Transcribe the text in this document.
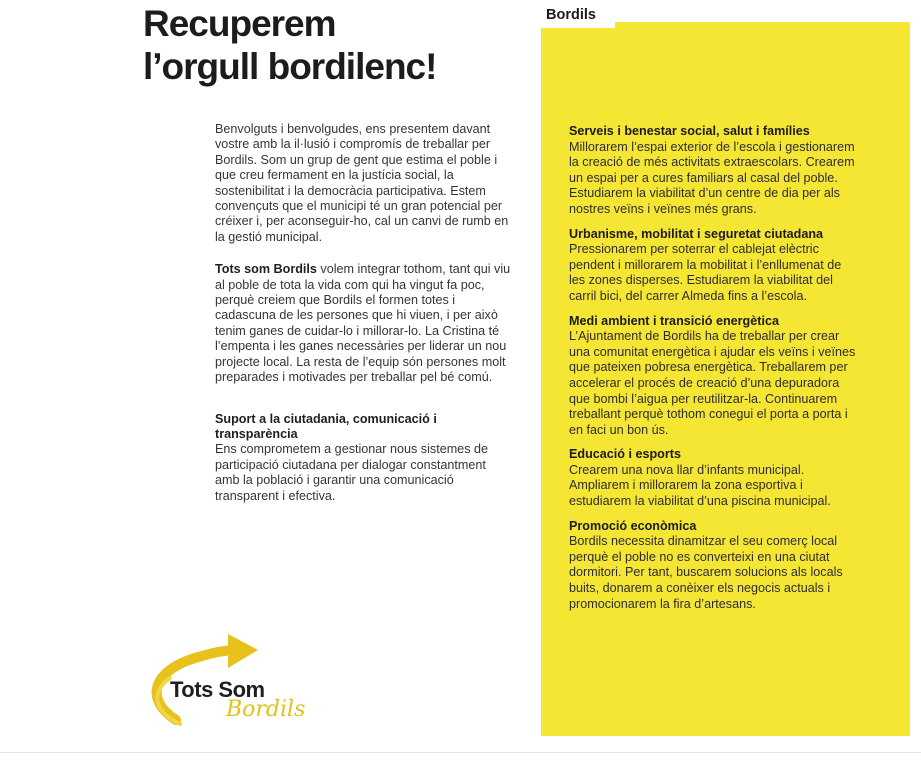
Recuperem
l’orgull bordilenc!

Benvolguts i benvolgudes, ens presentem davant vostre amb la il·lusió i compromís de treballar per Bordils. Som un grup de gent que estima el poble i que creu fermament en la justícia social, la sostenibilitat i la democràcia participativa. Estem convençuts que el municipi té un gran potencial per créixer i, per aconseguir-ho, cal un canvi de rumb en la gestió municipal.

Tots som Bordils volem integrar tothom, tant qui viu al poble de tota la vida com qui ha vingut fa poc, perquè creiem que Bordils el formen totes i cadascuna de les persones que hi viuen, i per això tenim ganes de cuidar-lo i millorar-lo. La Cristina té l’empenta i les ganes necessàries per liderar un nou projecte local. La resta de l’equip són persones molt preparades i motivades per treballar pel bé comú.

Suport a la ciutadania, comunicació i transparència

Ens comprometem a gestionar nous sistemes de participació ciutadana per dialogar constantment amb la població i garantir una comunicació transparent i efectiva.

Bordils
Serveis i benestar social, salut i famílies

Millorarem l’espai exterior de l’escola i gestionarem la creació de més activitats extraescolars. Crearem un espai per a cures familiars al casal del poble. Estudiarem la viabilitat d’un centre de dia per als nostres veïns i veïnes més grans.

Urbanisme, mobilitat i seguretat ciutadana

Pressionarem per soterrar el cablejat elèctric pendent i millorarem la mobilitat i l’enllumenat de les zones disperses. Estudiarem la viabilitat del carril bici, del carrer Almeda fins a l’escola.

Medi ambient i transició energètica

L’Ajuntament de Bordils ha de treballar per crear una comunitat energètica i ajudar els veïns i veïnes que pateixen pobresa energètica. Treballarem per accelerar el procés de creació d’una depuradora que bombi l’aigua per reutilitzar-la. Continuarem treballant perquè tothom conegui el porta a porta i en faci un bon ús.

Educació i esports

Crearem una nova llar d’infants municipal. Ampliarem i millorarem la zona esportiva i estudiarem la viabilitat d’una piscina municipal.

Promoció econòmica

Bordils necessita dinamitzar el seu comerç local perquè el poble no es converteixi en una ciutat dormitori. Per tant, buscarem solucions als locals buits, donarem a conèixer els negocis actuals i promocionarem la fira d’artesans.

Tots Som
Bordils
